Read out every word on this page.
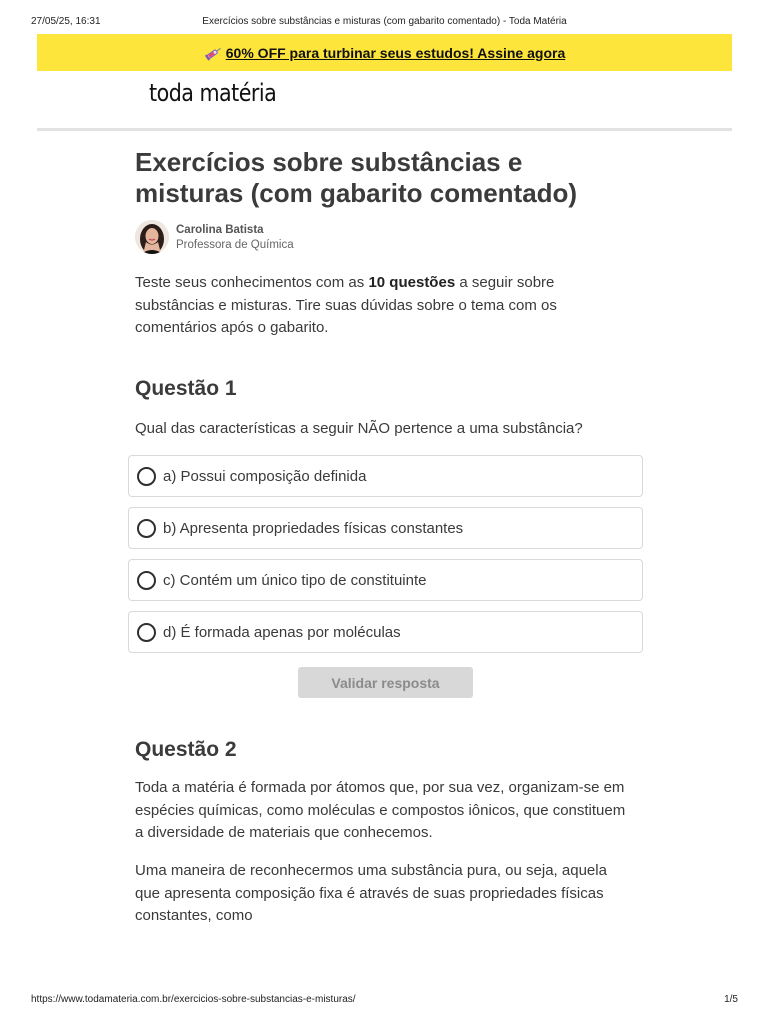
27/05/25, 16:31	Exercícios sobre substâncias e misturas (com gabarito comentado) - Toda Matéria
60% OFF para turbinar seus estudos! Assine agora
toda matéria
Exercícios sobre substâncias e misturas (com gabarito comentado)
Carolina Batista
Professora de Química

Teste seus conhecimentos com as 10 questões a seguir sobre substâncias e misturas. Tire suas dúvidas sobre o tema com os comentários após o gabarito.

Questão 1

Qual das características a seguir NÃO pertence a uma substância?

a) Possui composição definida
b) Apresenta propriedades físicas constantes
c) Contém um único tipo de constituinte
d) É formada apenas por moléculas
Validar resposta
Questão 2

Toda a matéria é formada por átomos que, por sua vez, organizam-se em espécies químicas, como moléculas e compostos iônicos, que constituem a diversidade de materiais que conhecemos.

Uma maneira de reconhecermos uma substância pura, ou seja, aquela que apresenta composição fixa é através de suas propriedades físicas constantes, como

https://www.todamateria.com.br/exercicios-sobre-substancias-e-misturas/	1/5
